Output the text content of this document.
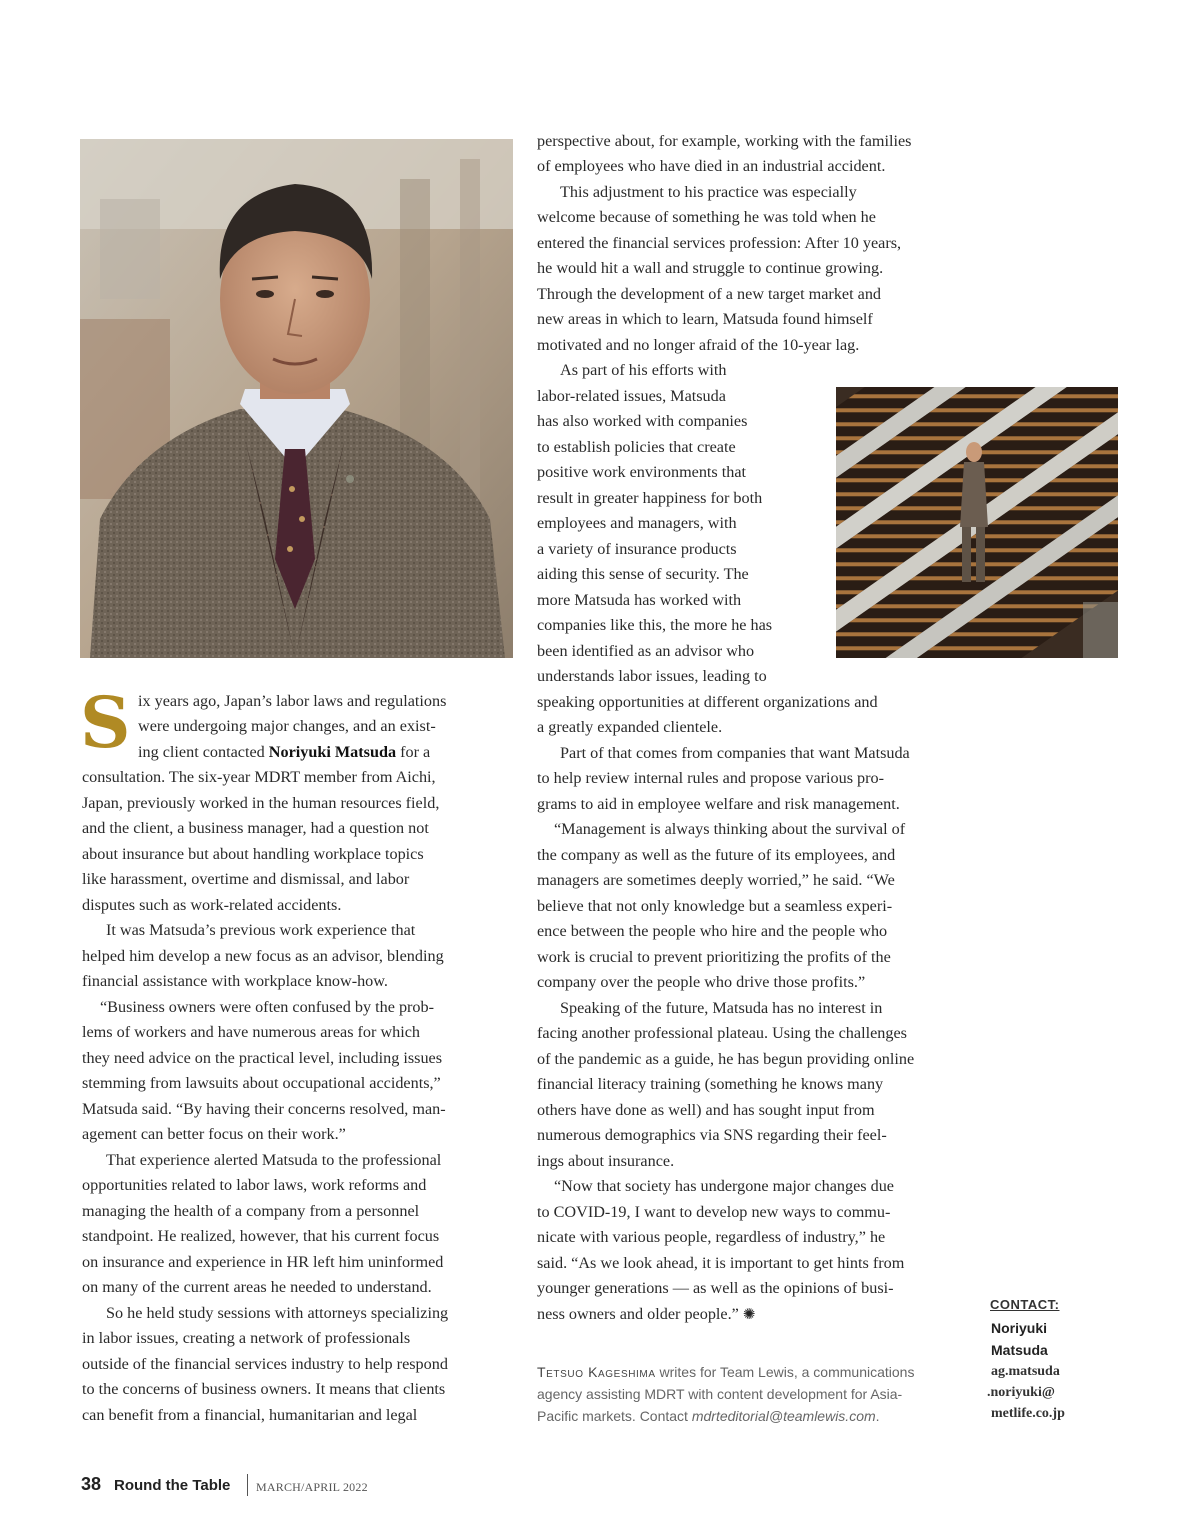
S ix years ago, Japan’s labor laws and regulations
were undergoing major changes, and an exist-
ing client contacted Noriyuki Matsuda for a
consultation. The six-year MDRT member from Aichi,
Japan, previously worked in the human resources field,
and the client, a business manager, had a question not
about insurance but about handling workplace topics
like harassment, overtime and dismissal, and labor
disputes such as work-related accidents.
It was Matsuda’s previous work experience that
helped him develop a new focus as an advisor, blending
financial assistance with workplace know-how.
“Business owners were often confused by the prob-
lems of workers and have numerous areas for which
they need advice on the practical level, including issues
stemming from lawsuits about occupational accidents,”
Matsuda said. “By having their concerns resolved, man-
agement can better focus on their work.”
That experience alerted Matsuda to the professional
opportunities related to labor laws, work reforms and
managing the health of a company from a personnel
standpoint. He realized, however, that his current focus
on insurance and experience in HR left him uninformed
on many of the current areas he needed to understand.
So he held study sessions with attorneys specializing
in labor issues, creating a network of professionals
outside of the financial services industry to help respond
to the concerns of business owners. It means that clients
can benefit from a financial, humanitarian and legal
perspective about, for example, working with the families
of employees who have died in an industrial accident.
This adjustment to his practice was especially
welcome because of something he was told when he
entered the financial services profession: After 10 years,
he would hit a wall and struggle to continue growing.
Through the development of a new target market and
new areas in which to learn, Matsuda found himself
motivated and no longer afraid of the 10-year lag.
As part of his efforts with
labor-related issues, Matsuda
has also worked with companies
to establish policies that create
positive work environments that
result in greater happiness for both
employees and managers, with
a variety of insurance products
aiding this sense of security. The
more Matsuda has worked with
companies like this, the more he has
been identified as an advisor who
understands labor issues, leading to
speaking opportunities at different organizations and
a greatly expanded clientele.
Part of that comes from companies that want Matsuda
to help review internal rules and propose various pro-
grams to aid in employee welfare and risk management.
“Management is always thinking about the survival of
the company as well as the future of its employees, and
managers are sometimes deeply worried,” he said. “We
believe that not only knowledge but a seamless experi-
ence between the people who hire and the people who
work is crucial to prevent prioritizing the profits of the
company over the people who drive those profits.”
Speaking of the future, Matsuda has no interest in
facing another professional plateau. Using the challenges
of the pandemic as a guide, he has begun providing online
financial literacy training (something he knows many
others have done as well) and has sought input from
numerous demographics via SNS regarding their feel-
ings about insurance.
“Now that society has undergone major changes due
to COVID-19, I want to develop new ways to commu-
nicate with various people, regardless of industry,” he
said. “As we look ahead, it is important to get hints from
younger generations — as well as the opinions of busi-
ness owners and older people.” ✺
Tetsuo Kageshima writes for Team Lewis, a communications
agency assisting MDRT with content development for Asia-
Pacific markets. Contact mdrteditorial@teamlewis.com.
CONTACT:
Noriyuki
Matsuda
ag.matsuda
.noriyuki@
metlife.co.jp
38 Round the Table MARCH/APRIL 2022
